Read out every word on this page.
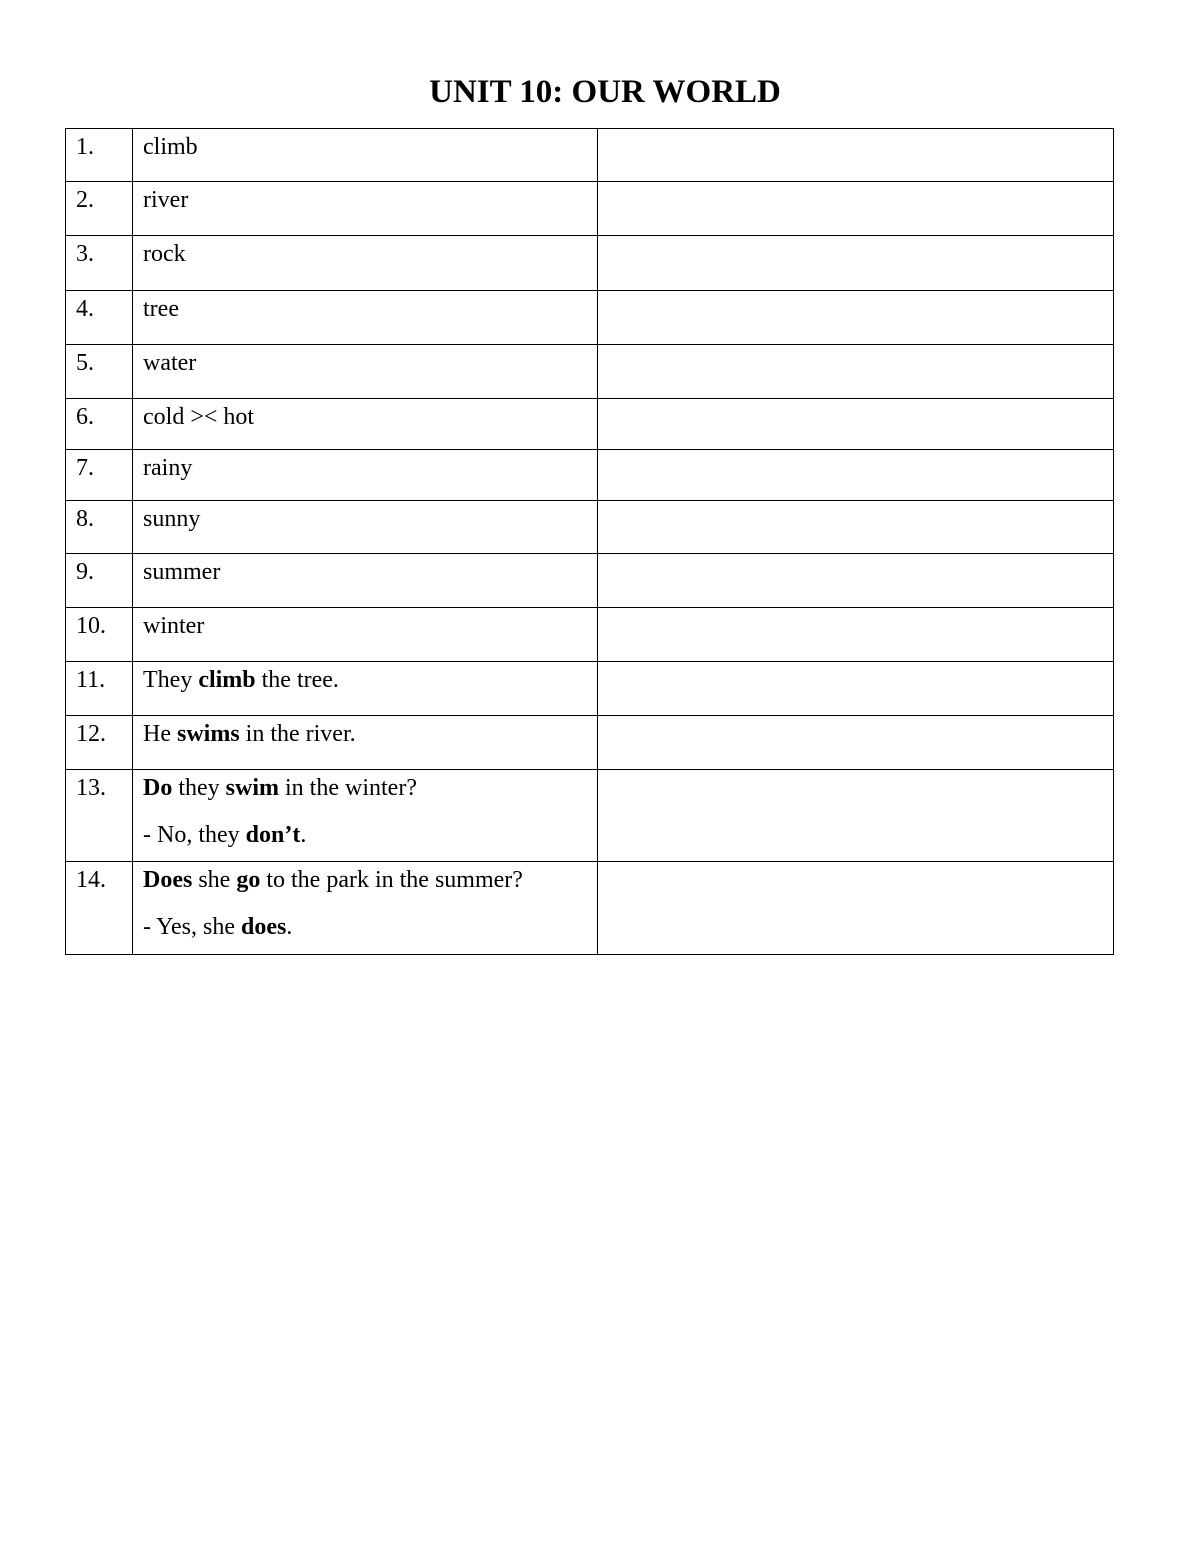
UNIT 10: OUR WORLD
1.	climb	
2.	river	
3.	rock	
4.	tree	
5.	water	
6.	cold >< hot	
7.	rainy	
8.	sunny	
9.	summer	
10.	winter	
11.	They climb the tree.	
12.	He swims in the river.	
13.	Do they swim in the winter?
- No, they don’t.	

14.	Does she go to the park in the summer?
- Yes, she does.	
